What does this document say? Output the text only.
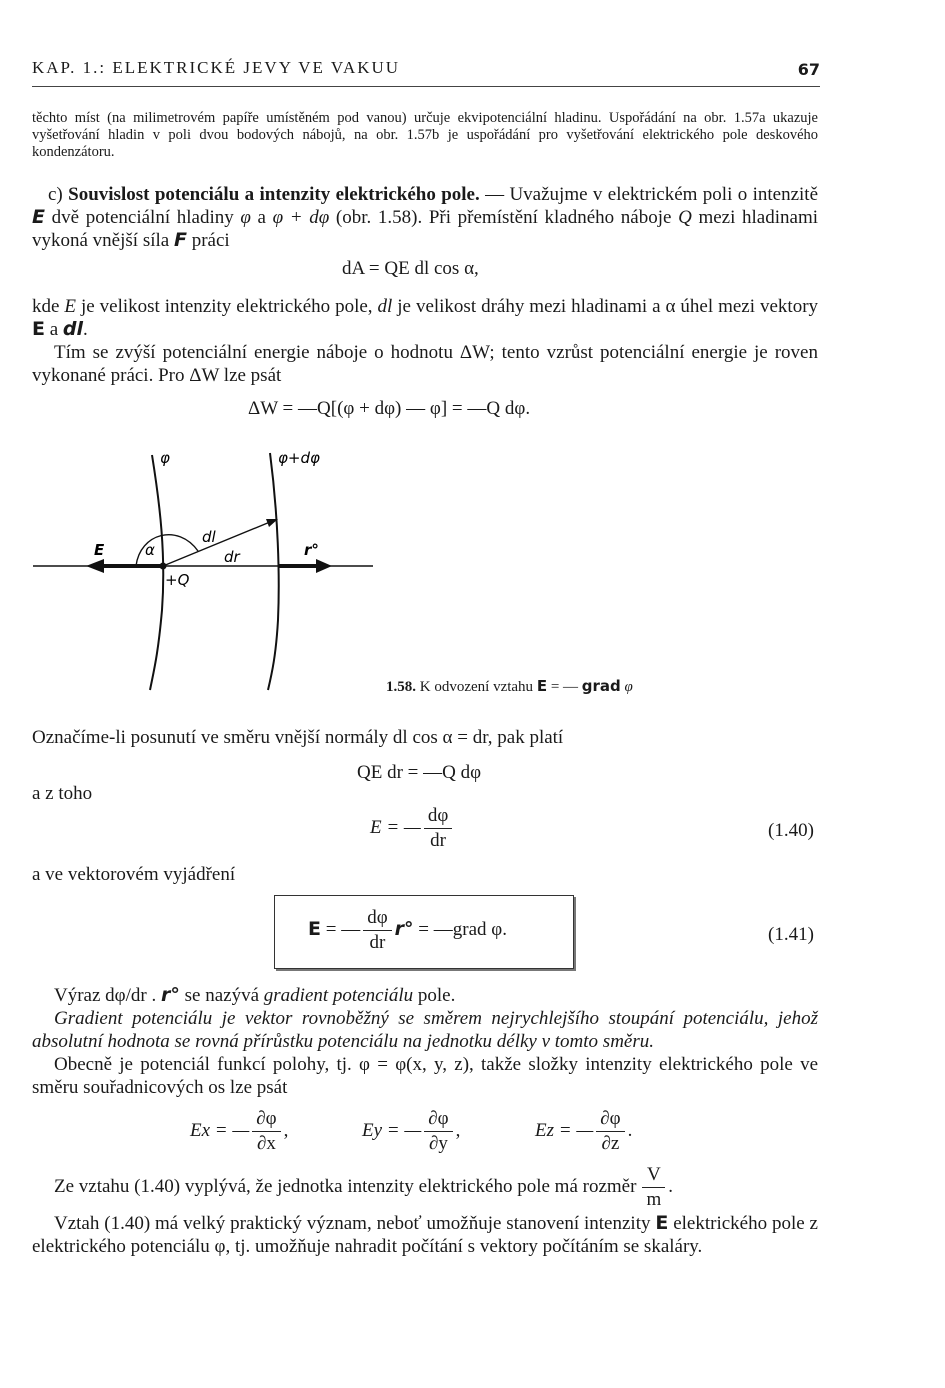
KAP. 1.: ELEKTRICKÉ JEVY VE VAKUU	67
těchto míst (na milimetrovém papíře umístěném pod vanou) určuje ekvipotenciální hladinu. Uspořádání na obr. 1.57a ukazuje vyšetřování hladin v poli dvou bodových nábojů, na obr. 1.57b je uspořádání pro vyšetřování elektrického pole deskového kondenzátoru.
c) Souvislost potenciálu a intenzity elektrického pole. — Uvažujme v elektrickém poli o intenzitě E dvě potenciální hladiny φ a φ + dφ (obr. 1.58). Při přemístění kladného náboje Q mezi hladinami vykoná vnější síla F práci
dA = QE dl cos α,
kde E je velikost intenzity elektrického pole, dl je velikost dráhy mezi hladinami a α úhel mezi vektory E a dl.
Tím se zvýší potenciální energie náboje o hodnotu ΔW; tento vzrůst potenciální energie je roven vykonané práci. Pro ΔW lze psát
ΔW = —Q[(φ + dφ) — φ] = —Q dφ.
φ	φ+dφ
E	α
dl
dr	r°
+Q
1.58. K odvození vztahu E = — grad φ
Označíme-li posunutí ve směru vnější normály dl cos α = dr, pak platí
QE dr = —Q dφ
a z toho
E = — $\frac{d\varphi}{dr}$	(1.40)
a ve vektorovém vyjádření
E = — $\frac{d\varphi}{dr} r^\circ$ = —grad φ.	(1.41)
Výraz dφ/dr . r° se nazývá gradient potenciálu pole.
Gradient potenciálu je vektor rovnoběžný se směrem nejrychlejšího stoupání potenciálu, jehož absolutní hodnota se rovná přírůstku potenciálu na jednotku délky v tomto směru.
Obecně je potenciál funkcí polohy, tj. φ = φ(x, y, z), takže složky intenzity elektrického pole ve směru souřadnicových os lze psát
Ex = — $\frac{\partial\varphi}{\partial x}$ ,	Ey = — $\frac{\partial\varphi}{\partial y}$ ,	Ez = — $\frac{\partial\varphi}{\partial z}$ .
Ze vztahu (1.40) vyplývá, že jednotka intenzity elektrického pole má rozměr $\frac{V}{m}$ .
Vztah (1.40) má velký praktický význam, neboť umožňuje stanovení intenzity E elektrického pole z elektrického potenciálu φ, tj. umožňuje nahradit počítání s vektory počítáním se skaláry.
